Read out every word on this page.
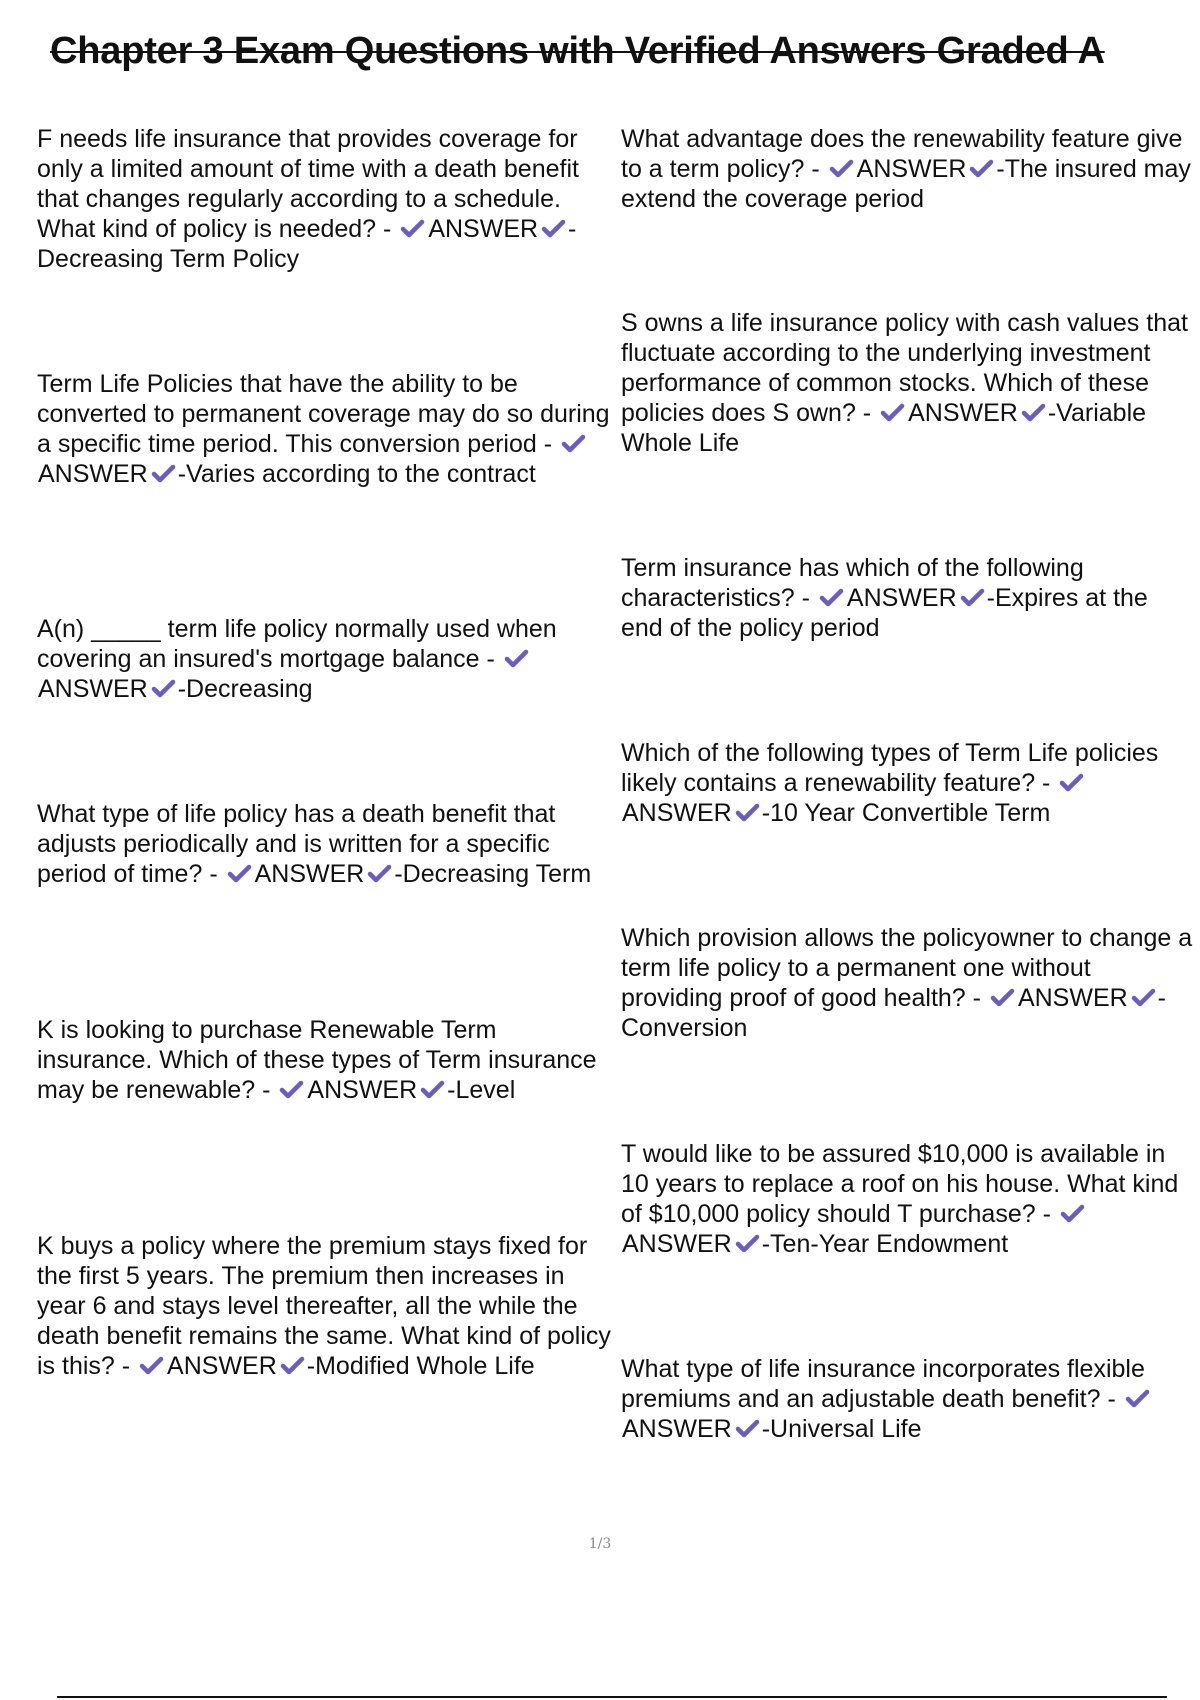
Chapter 3 Exam Questions with Verified Answers Graded A
F needs life insurance that provides coverage for only a limited amount of time with a death benefit that changes regularly according to a schedule. What kind of policy is needed? - ANSWER -Decreasing Term Policy
What advantage does the renewability feature give to a term policy? - ANSWER -The insured may extend the coverage period
S owns a life insurance policy with cash values that fluctuate according to the underlying investment performance of common stocks. Which of these policies does S own? - ANSWER -Variable Whole Life
Term Life Policies that have the ability to be converted to permanent coverage may do so during a specific time period. This conversion period -
ANSWER -Varies according to the contract
Term insurance has which of the following characteristics? - ANSWER -Expires at the end of the policy period
A(n) _____ term life policy normally used when covering an insured's mortgage balance -
ANSWER -Decreasing
Which of the following types of Term Life policies likely contains a renewability feature? -
ANSWER -10 Year Convertible Term
What type of life policy has a death benefit that adjusts periodically and is written for a specific period of time? - ANSWER -Decreasing Term
Which provision allows the policyowner to change a term life policy to a permanent one without providing proof of good health? - ANSWER -Conversion
K is looking to purchase Renewable Term insurance. Which of these types of Term insurance may be renewable? - ANSWER -Level
T would like to be assured $10,000 is available in 10 years to replace a roof on his house. What kind of $10,000 policy should T purchase? -
ANSWER -Ten-Year Endowment
K buys a policy where the premium stays fixed for the first 5 years. The premium then increases in year 6 and stays level thereafter, all the while the death benefit remains the same. What kind of policy is this? - ANSWER -Modified Whole Life	What type of life insurance incorporates flexible premiums and an adjustable death benefit? -
ANSWER -Universal Life
1/3
